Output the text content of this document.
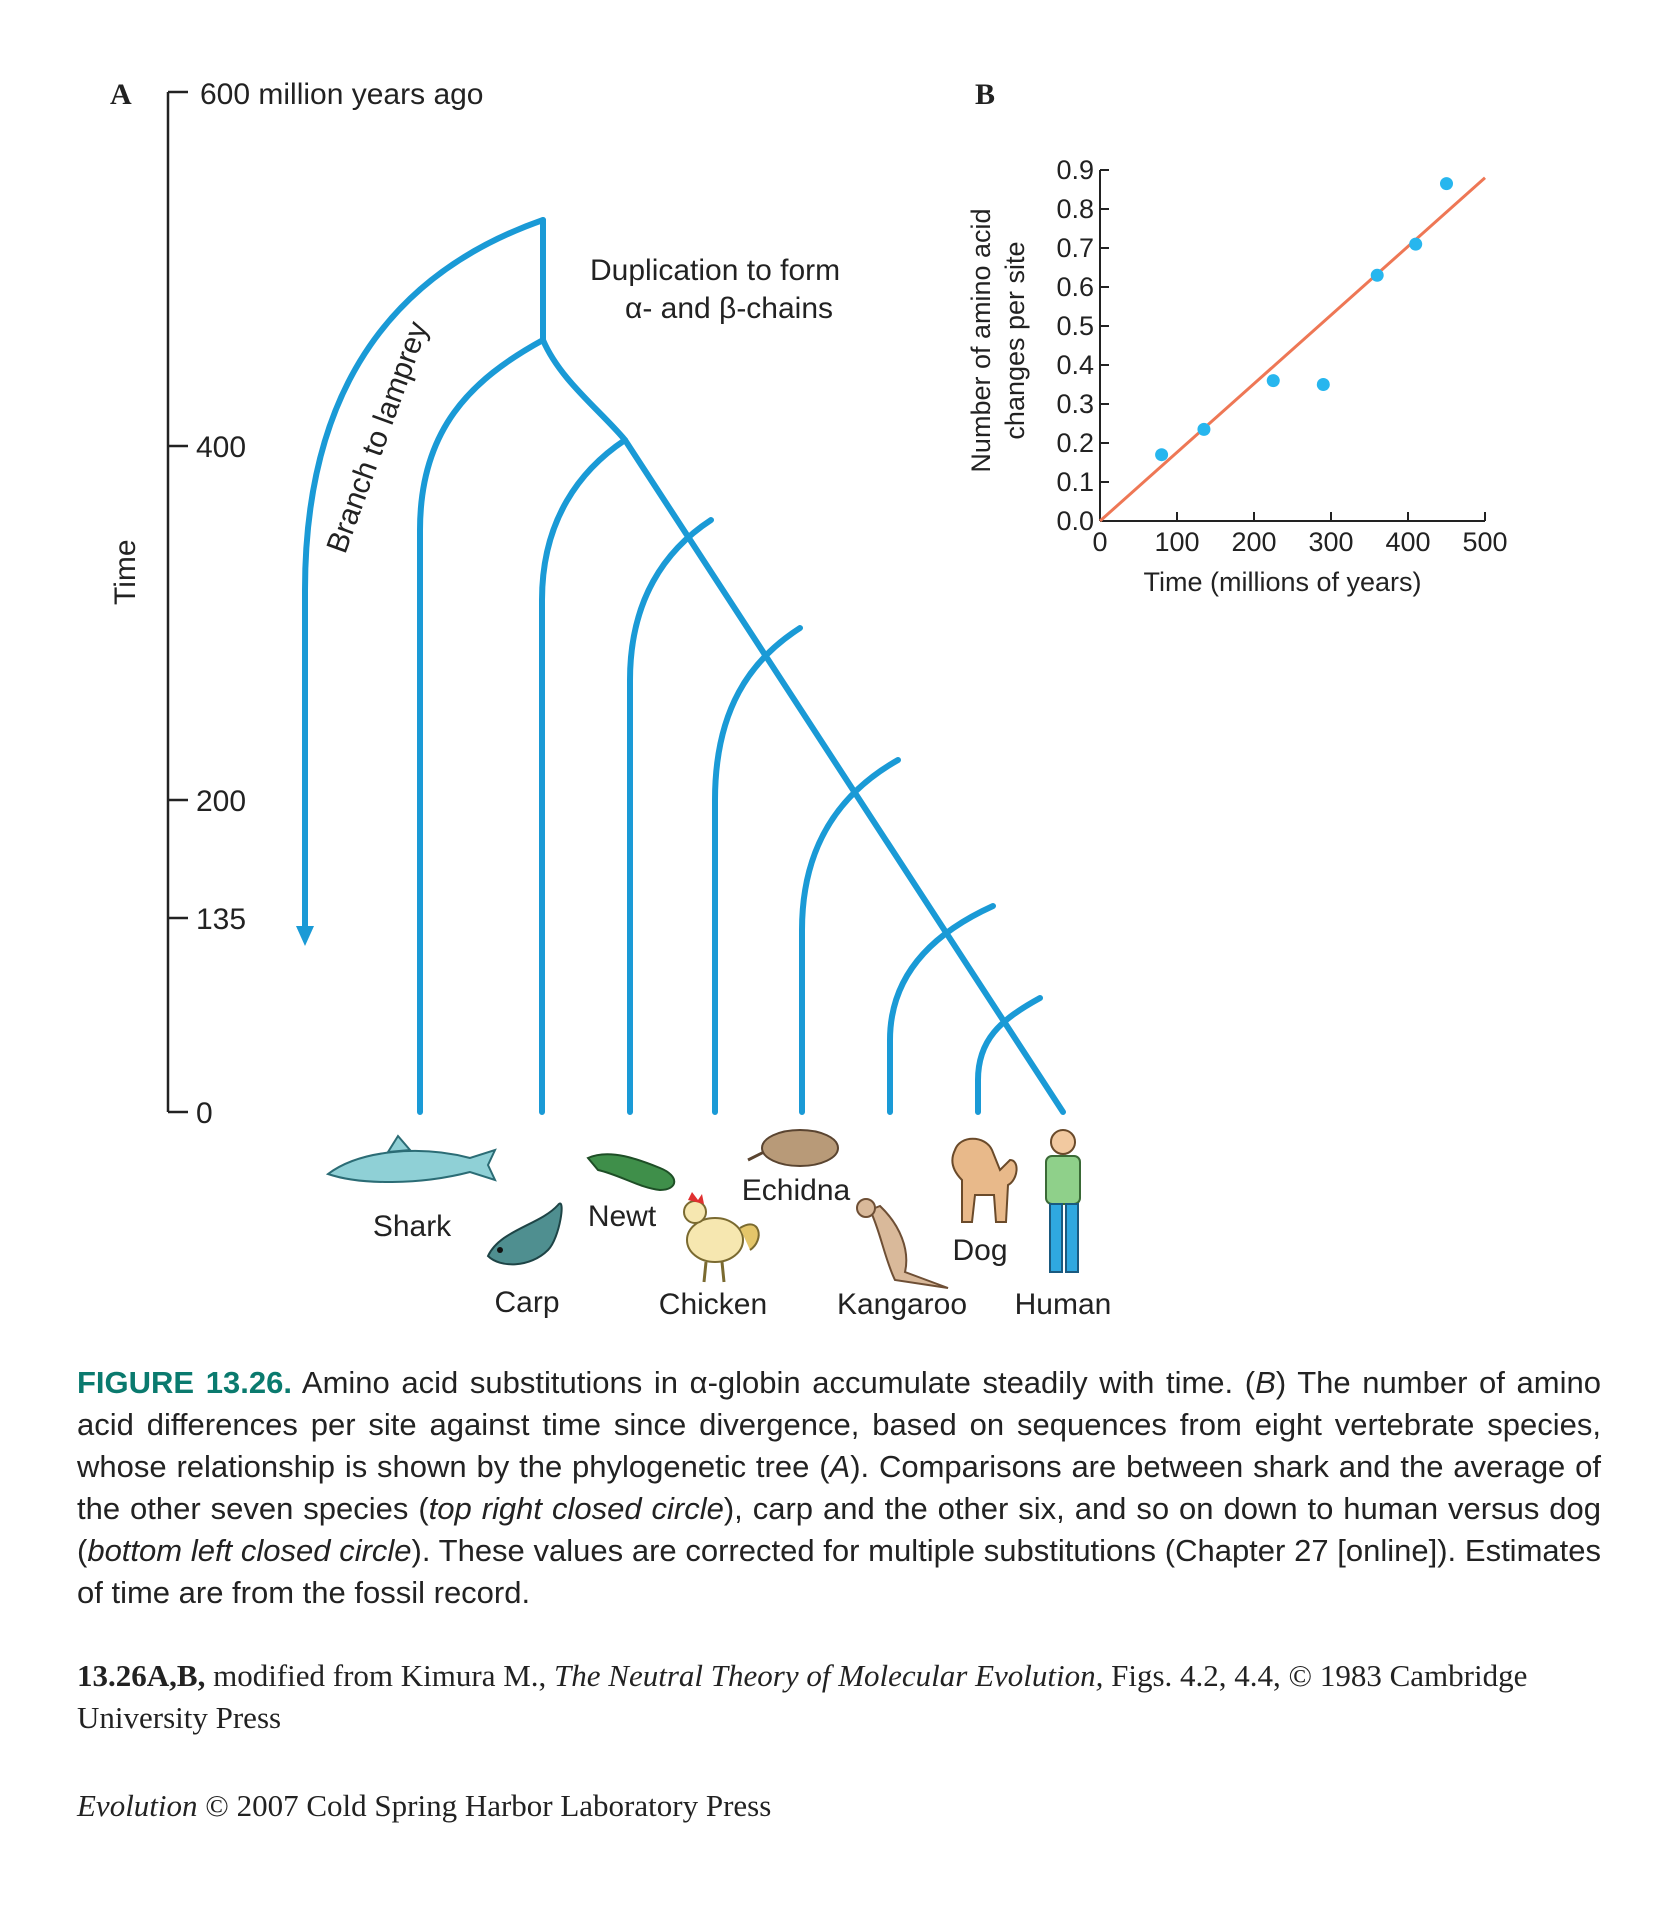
A 600 million years ago
400
200
135
0
Time
Branch to lamprey
Duplication to form
α- and β-chains
Shark
Carp
Newt
Chicken
Echidna
Kangaroo
Dog
Human
B
0.0
0.1
0.2
0.3
0.4
0.5
0.6
0.7
0.8
0.9
0 100 200 300 400 500
Time (millions of years)
Number of amino acid changes per site
FIGURE 13.26. Amino acid substitutions in α-globin accumulate steadily with time. (B) The number of amino acid differences per site against time since divergence, based on sequences from eight vertebrate species, whose relationship is shown by the phylogenetic tree (A). Comparisons are between shark and the average of the other seven species (top right closed circle), carp and the other six, and so on down to human versus dog (bottom left closed circle). These values are corrected for multiple substitutions (Chapter 27 [online]). Estimates of time are from the fossil record.
13.26A,B, modified from Kimura M., The Neutral Theory of Molecular Evolution, Figs. 4.2, 4.4, © 1983 Cambridge University Press
Evolution © 2007 Cold Spring Harbor Laboratory Press
